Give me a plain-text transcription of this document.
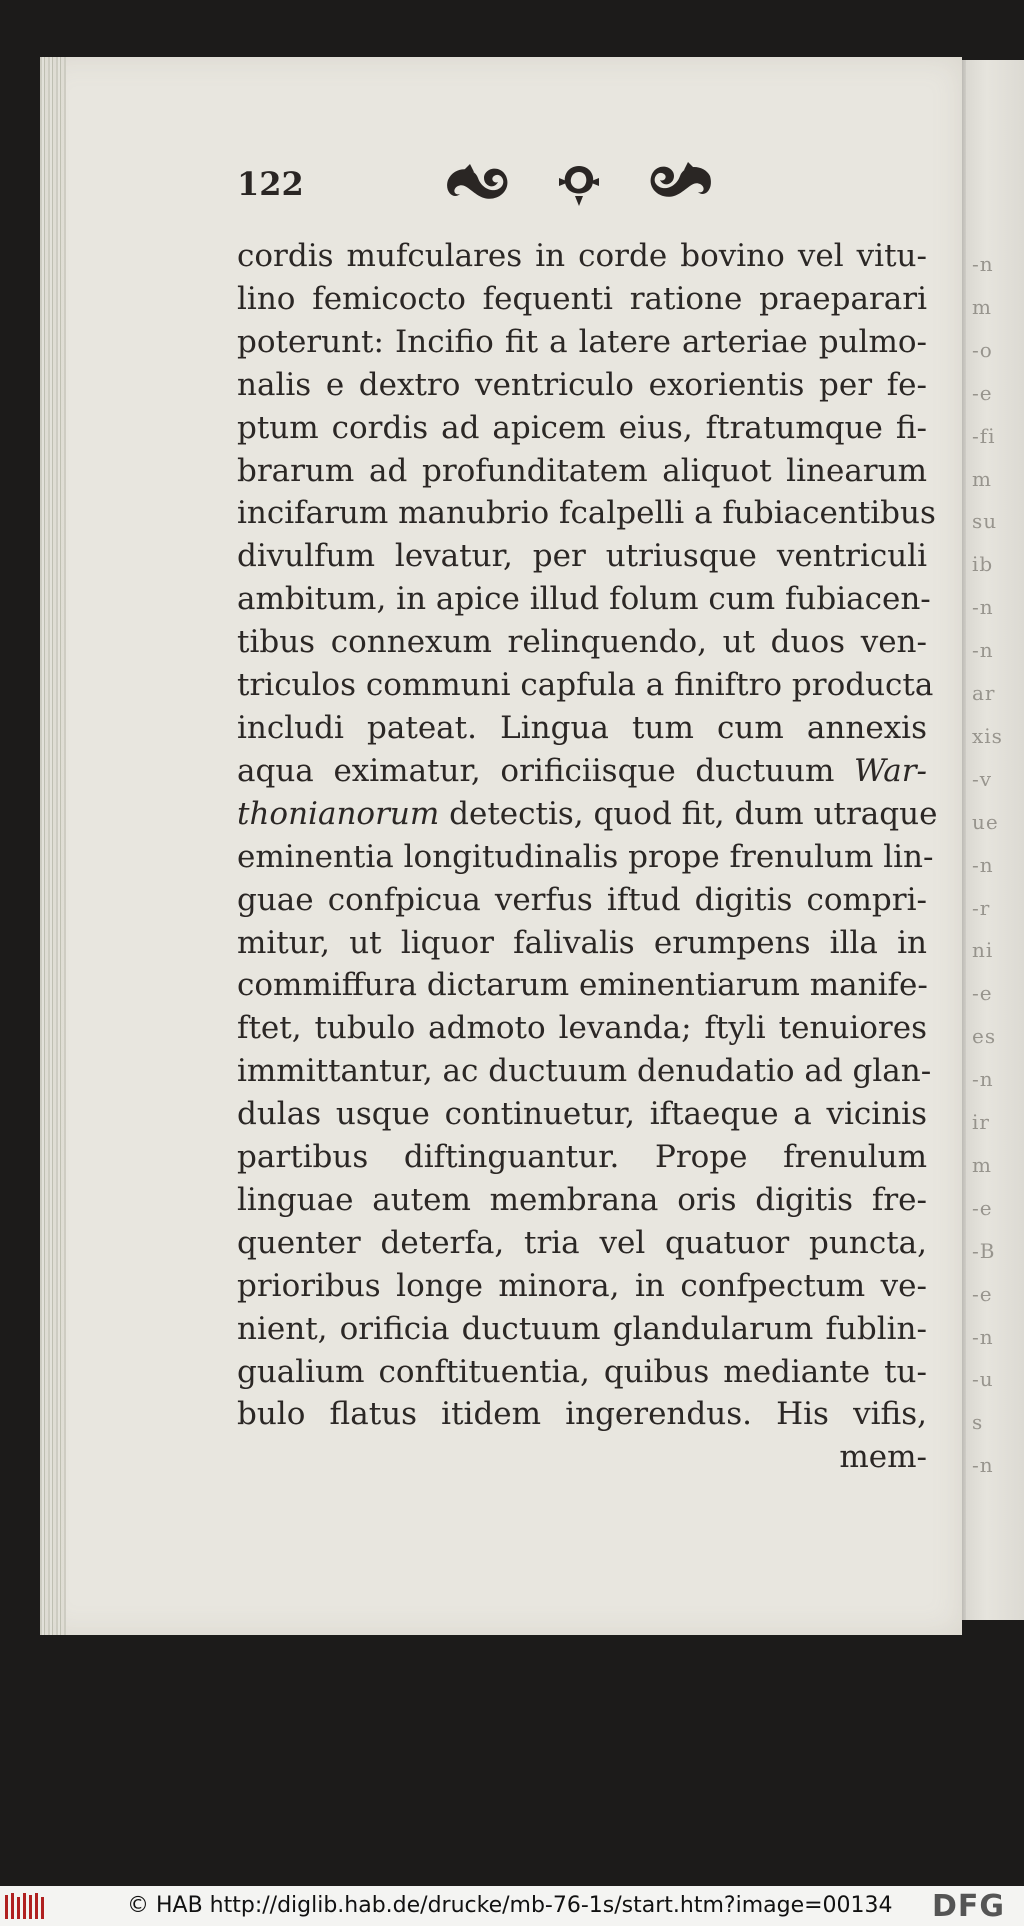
-n
m
-o
-e
-fi
m
su
ib
-n
-n
ar
xis
-v
ue
-n
-r
ni
-e
es
-n
ir
m
-e
-B
-e
-n
-u
s
-n
122
cordis mufculares in corde bovino vel vitu-
lino femicocto fequenti ratione praeparari
poterunt: Incifio fit a latere arteriae pulmo-
nalis e dextro ventriculo exorientis per fe-
ptum cordis ad apicem eius, ftratumque fi-
brarum ad profunditatem aliquot linearum
incifarum manubrio fcalpelli a fubiacentibus
divulfum levatur, per utriusque ventriculi
ambitum, in apice illud folum cum fubiacen-
tibus connexum relinquendo, ut duos ven-
triculos communi capfula a finiftro producta
includi pateat. Lingua tum cum annexis
aqua eximatur, orificiisque ductuum War-
thonianorum detectis, quod fit, dum utraque
eminentia longitudinalis prope frenulum lin-
guae confpicua verfus iftud digitis compri-
mitur, ut liquor falivalis erumpens illa in
commiffura dictarum eminentiarum manife-
ftet, tubulo admoto levanda; ftyli tenuiores
immittantur, ac ductuum denudatio ad glan-
dulas usque continuetur, iftaeque a vicinis
partibus diftinguantur. Prope frenulum
linguae autem membrana oris digitis fre-
quenter deterfa, tria vel quatuor puncta,
prioribus longe minora, in confpectum ve-
nient, orificia ductuum glandularum fublin-
gualium conftituentia, quibus mediante tu-
bulo flatus itidem ingerendus. His vifis,
mem-
© HAB http://diglib.hab.de/drucke/mb-76-1s/start.htm?image=00134 DFG
